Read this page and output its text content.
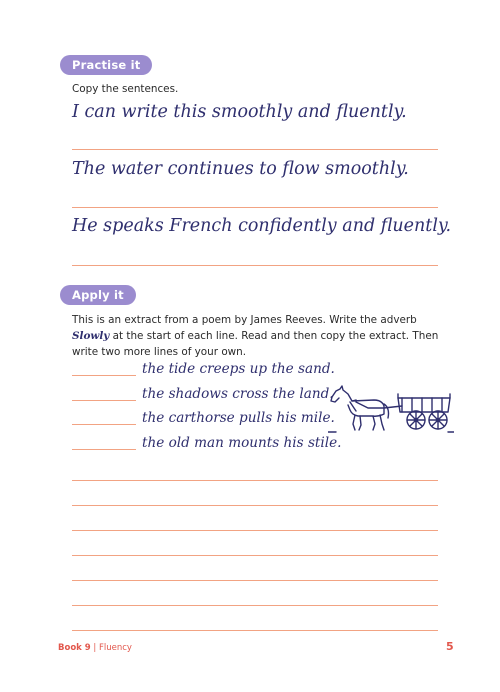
Practise it
Copy the sentences.
I can write this smoothly and fluently.
The water continues to flow smoothly.
He speaks French confidently and fluently.
Apply it
This is an extract from a poem by James Reeves. Write the adverb Slowly at the start of each line. Read and then copy the extract. Then write two more lines of your own.
the tide creeps up the sand.
the shadows cross the land.
the carthorse pulls his mile.
the old man mounts his stile.
Book 9 | Fluency	5
